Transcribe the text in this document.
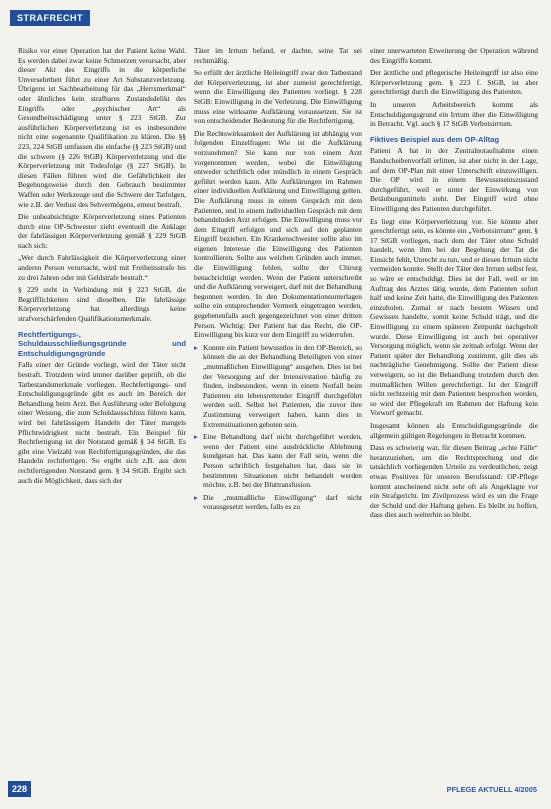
STRAFRECHT

Risiko vor einer Operation hat der Patient keine Wahl. Es werden dabei zwar keine Schmerzen verursacht, aber dieser Akt des Eingriffs in die körperliche Unversehrtheit führt zu einer Art Substanzverletzung. Übrigens ist Sachbearbeitung für das „Herrsmerkmal“ oder ähnliches kein strafbares Zustandsdelikt des Eingriffs oder „psychischer Art“ als Gesundheitsschädigung unter § 223 StGB. Zur ausführlichen Körperverletzung ist es insbesondere nicht eine sogenannte Qualifikation zu klären. Die §§ 223, 224 StGB umfassen die einfache (§ 223 StGB) und die schwere (§ 226 StGB) Körperverletzung und die Körperverletzung mit Todesfolge (§ 227 StGB). In diesen Fällen führen wird die Gefährlichkeit der Begehungsweise durch den Gebrauch bestimmter Waffen oder Werkzeuge und die Schwere der Tatfolgen, wie z.B. der Verlust des Sehvermögens, erneut bestraft.

Die unbeabsichtigte Körperverletzung eines Patienten durch eine OP-Schwester zieht eventuell die Anklage der fahrlässigen Körperverletzung gemäß § 229 StGB nach sich:

„Wer durch Fahrlässigkeit die Körperverletzung einer anderen Person verursacht, wird mit Freiheitsstrafe bis zu drei Jahren oder mit Geldstrafe bestraft.“

§ 229 steht in Verbindung mit § 223 StGB, die Begrifflichkeiten sind dieselben. Die fahrlässige Körperverletzung hat allerdings keine strafverschärfenden Qualifikationsmerkmale.

Rechtfertigungs-, Schuldausschließungsgründe und Entschuldigungsgründe

Falls einer der Gründe vorliegt, wird der Täter nicht bestraft. Trotzdem wird immer darüber geprüft, ob die Tatbestandsmerkmale vorliegen. Rechtfertigungs- und Entschuldigungsgründe gibt es auch im Bereich der Behandlung beim Arzt. Bei Ausführung oder Befolgung einer Weisung, die zum Schuldausschluss führen kann, wird bei fahrlässigem Handeln der Täter mangels Pflichtwidrigkeit nicht bestraft. Ein Beispiel für Rechtfertigung ist der Notstand gemäß § 34 StGB. Es gibt eine Vielzahl von Rechtfertigungsgründen, die das Handeln rechtfertigen. So ergibt sich z.B. aus dem rechtfertigenden Notstand gem. § 34 StGB. Ergibt sich auch die Möglichkeit, dass sich der

Täter im Irrtum befand, er dachte, seine Tat sei rechtmäßig.

So erfüllt der ärztliche Heileingriff zwar den Tatbestand der Körperverletzung, ist aber zumeist gerechtfertigt, wenn die Einwilligung des Patienten vorliegt. § 228 StGB: Einwilligung in die Verletzung. Die Einwilligung muss eine wirksame Aufklärung voraussetzen. Sie ist von entscheidender Bedeutung für die Rechtfertigung.

Die Rechtswirksamkeit der Aufklärung ist abhängig von folgenden Einzelfragen: Wie ist die Aufklärung vorzunehmen? Sie kann nur von einem Arzt vorgenommen werden, wobei die Einwilligung entweder schriftlich oder mündlich in einem Gespräch geführt werden kann. Alle Aufklärungen im Rahmen einer individuellen Aufklärung und Einwilligung gelten. Die Aufklärung muss in einem Gespräch mit dem Patienten, und in einem individuellen Gespräch mit dem behandelnden Arzt erfolgen. Die Einwilligung muss vor dem Eingriff erfolgen und sich auf den geplanten Eingriff beziehen. Ein Krankenschwester sollte also im eigenen Interesse die Einwilligung des Patienten kontrollieren. Sollte aus welchen Gründen auch immer, die Einwilligung fehlen, sollte der Chirurg benachrichtigt werden. Wenn der Patient unterschreibt und die Aufklärung verweigert, darf mit der Behandlung begonnen werden. In den Dokumentationsunterlagen sollte ein entsprechender Vermerk eingetragen werden, gegebenenfalls auch gegengezeichnet von einer dritten Person. Wichtig: Der Patient hat das Recht, die OP-Einwilligung bis kurz vor dem Eingriff zu widerrufen.

▸ Konnte ein Patient bewusstlos in den OP-Bereich, so können die an der Behandlung Beteiligten von einer „mutmaßlichen Einwilligung“ ausgehen. Dies ist bei der Versorgung auf der Intensivstation häufig zu finden, insbesondere, wenn in einem Notfall beim Patienten ein lebensrettender Eingriff durchgeführt werden soll. Selbst bei Patienten, die zuvor ihre Zustimmung verweigert haben, kann dies in Extremsituationen geboten sein.
▸ Eine Behandlung darf nicht durchgeführt werden, wenn der Patient eine ausdrückliche Ablehnung kundgetan hat. Das kann der Fall sein, wenn die Person schriftlich festgehalten hat, dass sie in bestimmten Situationen nicht behandelt werden möchte, z.B. bei der Bluttransfusion.
▸ Die „mutmaßliche Einwilligung“ darf nicht vorausgesetzt werden, falls es zu

einer unerwarteten Erweiterung der Operation während des Eingriffs kommt.

Der ärztliche und pflegerische Heileingriff ist also eine Körperverletzung gem. § 223 f. StGB, ist aber gerechtfertigt durch die Einwilligung des Patienten.

In unseren Arbeitsbereich kommt als Entschuldigungsgrund ein Irrtum über die Einwilligung in Betracht. Vgl. auch § 17 StGB Verbotsirrtum.

Fiktives Beispiel aus dem OP-Alltag

Patient A hat in der Zentralnotaufnahme einen Bandscheibenvorfall erlitten, ist aber nicht in der Lage, auf dem OP-Plan mit einer Unterschrift einzuwilligen. Die OP wird in einem Bewusstseinszustand durchgeführt, weil er unter der Einwirkung von Betäubungsmitteln steht. Der Eingriff wird ohne Einwilligung des Patienten durchgeführt.

Es liegt eine Körperverletzung vor. Sie könnte aber gerechtfertigt sein, es könnte ein „Verbotsirrtum“ gem. § 17 StGB vorliegen, nach dem der Täter ohne Schuld handelt, wenn ihm bei der Begehung der Tat die Einsicht fehlt, Unrecht zu tun, und er diesen Irrtum nicht vermeiden konnte. Stellt der Täter den Irrtum selbst fest, so wäre er entschuldigt. Dies ist der Fall, weil er im Auftrag des Arztes tätig wurde, dem Patienten sofort half und keine Zeit hatte, die Einwilligung des Patienten einzuholen. Zumal er nach bestem Wissen und Gewissen handelte, somit keine Schuld trägt, und die Einwilligung zu einem späteren Zeitpunkt nachgeholt wurde. Diese Einwilligung ist auch bei operativer Versorgung möglich, wenn sie zeitnah erfolgt. Wenn der Patient später der Behandlung zustimmt, gilt dies als nachträgliche Genehmigung. Sollte der Patient diese verweigern, so ist die Behandlung trotzdem durch den mutmaßlichen Willen gerechtfertigt. Ist der Eingriff nicht rechtzeitig mit dem Patienten besprochen worden, so wird der Pflegekraft im Rahmen der Haftung kein Vorwurf gemacht.

Insgesamt können als Entschuldigungsgründe die allgemein gültigen Regelungen in Betracht kommen.

Dass es schwierig war, für diesen Beitrag „echte Fälle“ heranzuziehen, um die Rechtsprechung und die tatsächlich vorliegenden Urteile zu verdeutlichen, zeigt etwas Positives für unseren Berufsstand: OP-Pflege kommt anscheinend nicht sehr oft als Angeklagte vor ein Strafgericht. Im Zivilprozess wird es um die Frage der Schuld und der Haftung gehen. Es bleibt zu hoffen, dass dies auch weiterhin so bleibt.

228	PFLEGE AKTUELL 4/2005
